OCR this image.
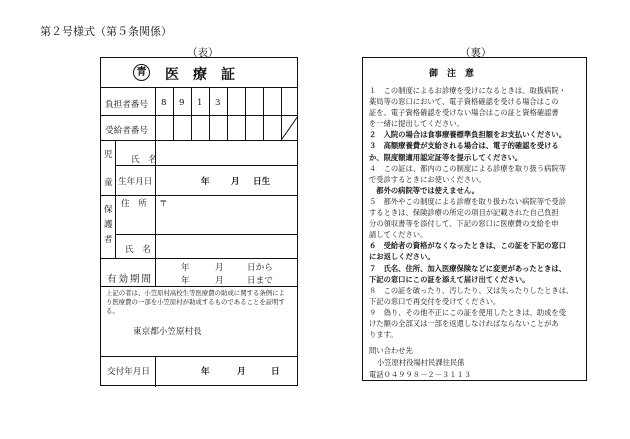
第２号様式（第５条関係）
（表）	（裏）
青 医療証
負担者番号 8 9 1 3
受給者番号
児
童
氏　名
生年月日	年 月 日生
保
護
者
住　所 〒
氏　名
有効期間
年	月	日から
年	月	日まで
上記の者は、小笠原村高校生等医療費の助成に関する条例によ
り医療費の一部を小笠原村が助成するものであることを証明す
る。
東京都小笠原村長
交付年月日	年	月	日
御　注　意
１　この制度によるお診療を受けになるときは、取扱病院・
薬局等の窓口において、電子資格確認を受ける場合はこの
証を、電子資格確認を受けない場合はこの証と資格確認書
を一緒に提出してください。
２　入院の場合は食事療養標準負担額をお支払いください。
３　高額療養費が支給される場合は、電子的確認を受ける
か、限度額適用認定証等を提示してください。
４　この証は、都内のこの制度による診療を取り扱う病院等
で受診するときにお使いください。
　都外の病院等では使えません。
５　都外やこの制度による診療を取り扱わない病院等で受診
するときは、保険診療の所定の項目が記載された自己負担
分の領収書等を添付して、下記の窓口に医療費の支給を申
請してください。
６　受給者の資格がなくなったときは、この証を下記の窓口
にお返しください。
７　氏名、住所、加入医療保険などに変更があったときは、
下記の窓口にこの証を添えて届け出てください。
８　この証を破ったり、汚したり、又は失ったりしたときは、
下記の窓口で再交付を受けてください。
９　偽り、その他不正にこの証を使用したときは、助成を受
けた額の全部又は一部を返還しなければならないことがあ
ります。
問い合わせ先
小笠原村役場村民課住民係
電話０４９９８－２－３１１３
